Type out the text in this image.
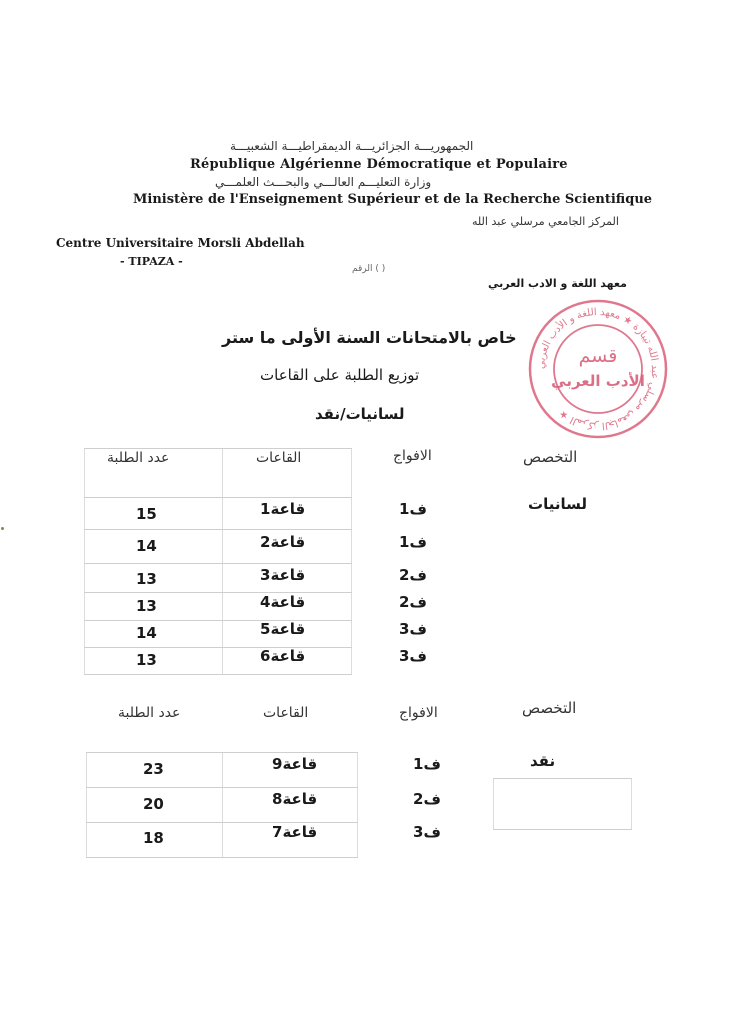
الجمهوريـــة الجزائريـــة الديمقراطيـــة الشعبيـــة
République Algérienne Démocratique et Populaire
وزارة التعليـــم العالـــي والبحـــث العلمـــي
Ministère de l'Enseignement Supérieur et de la Recherche Scientifique
المركز الجامعي مرسلي عبد الله
Centre Universitaire Morsli Abdellah
- TIPAZA -
( ) الرقم
معهد اللغة و الادب العربي
المركز الجامعي مرسلي عبد الله تيبازة ★ معهد اللغة و الأدب العربي ★
قسم
الأدب العربي
خاص بالامتحانات السنة الأولى ما ستر
توزيع الطلبة على القاعات
لسانيات/نقد
عدد الطلبة	القاعات	الافواج	التخصص
لسانيات
15	قاعة1	ف1
14	قاعة2	ف1
13	قاعة3	ف2
13	قاعة4	ف2
14	قاعة5	ف3
13	قاعة6	ف3
عدد الطلبة	القاعات	الافواج	التخصص
نقد
23	قاعة9	ف1
20	قاعة8	ف2
18	قاعة7	ف3
